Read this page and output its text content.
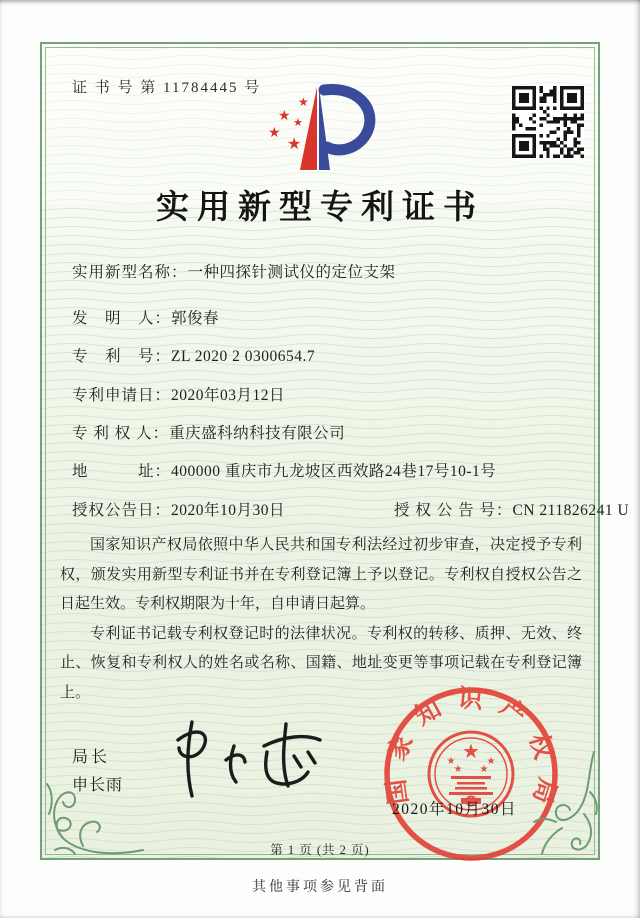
证 书 号 第 11784445 号
★
★ ★
★
★
实用新型专利证书
实用新型名称：一种四探针测试仪的定位支架
发　明　人：郭俊春
专　利　号：ZL 2020 2 0300654.7
专利申请日：2020年03月12日
专 利 权 人：重庆盛科纳科技有限公司
地　　　址：400000 重庆市九龙坡区西效路24巷17号10-1号
授权公告日：2020年10月30日	授 权 公 告 号：CN 211826241 U

国家知识产权局依照中华人民共和国专利法经过初步审查，决定授予专利权，颁发实用新型专利证书并在专利登记簿上予以登记。专利权自授权公告之日起生效。专利权期限为十年，自申请日起算。

专利证书记载专利权登记时的法律状况。专利权的转移、质押、无效、终止、恢复和专利权人的姓名或名称、国籍、地址变更等事项记载在专利登记簿上。

局长
申长雨	国家知识产权局
★
★	★
★ ★
2020年10月30日
第 1 页 (共 2 页)
其他事项参见背面
